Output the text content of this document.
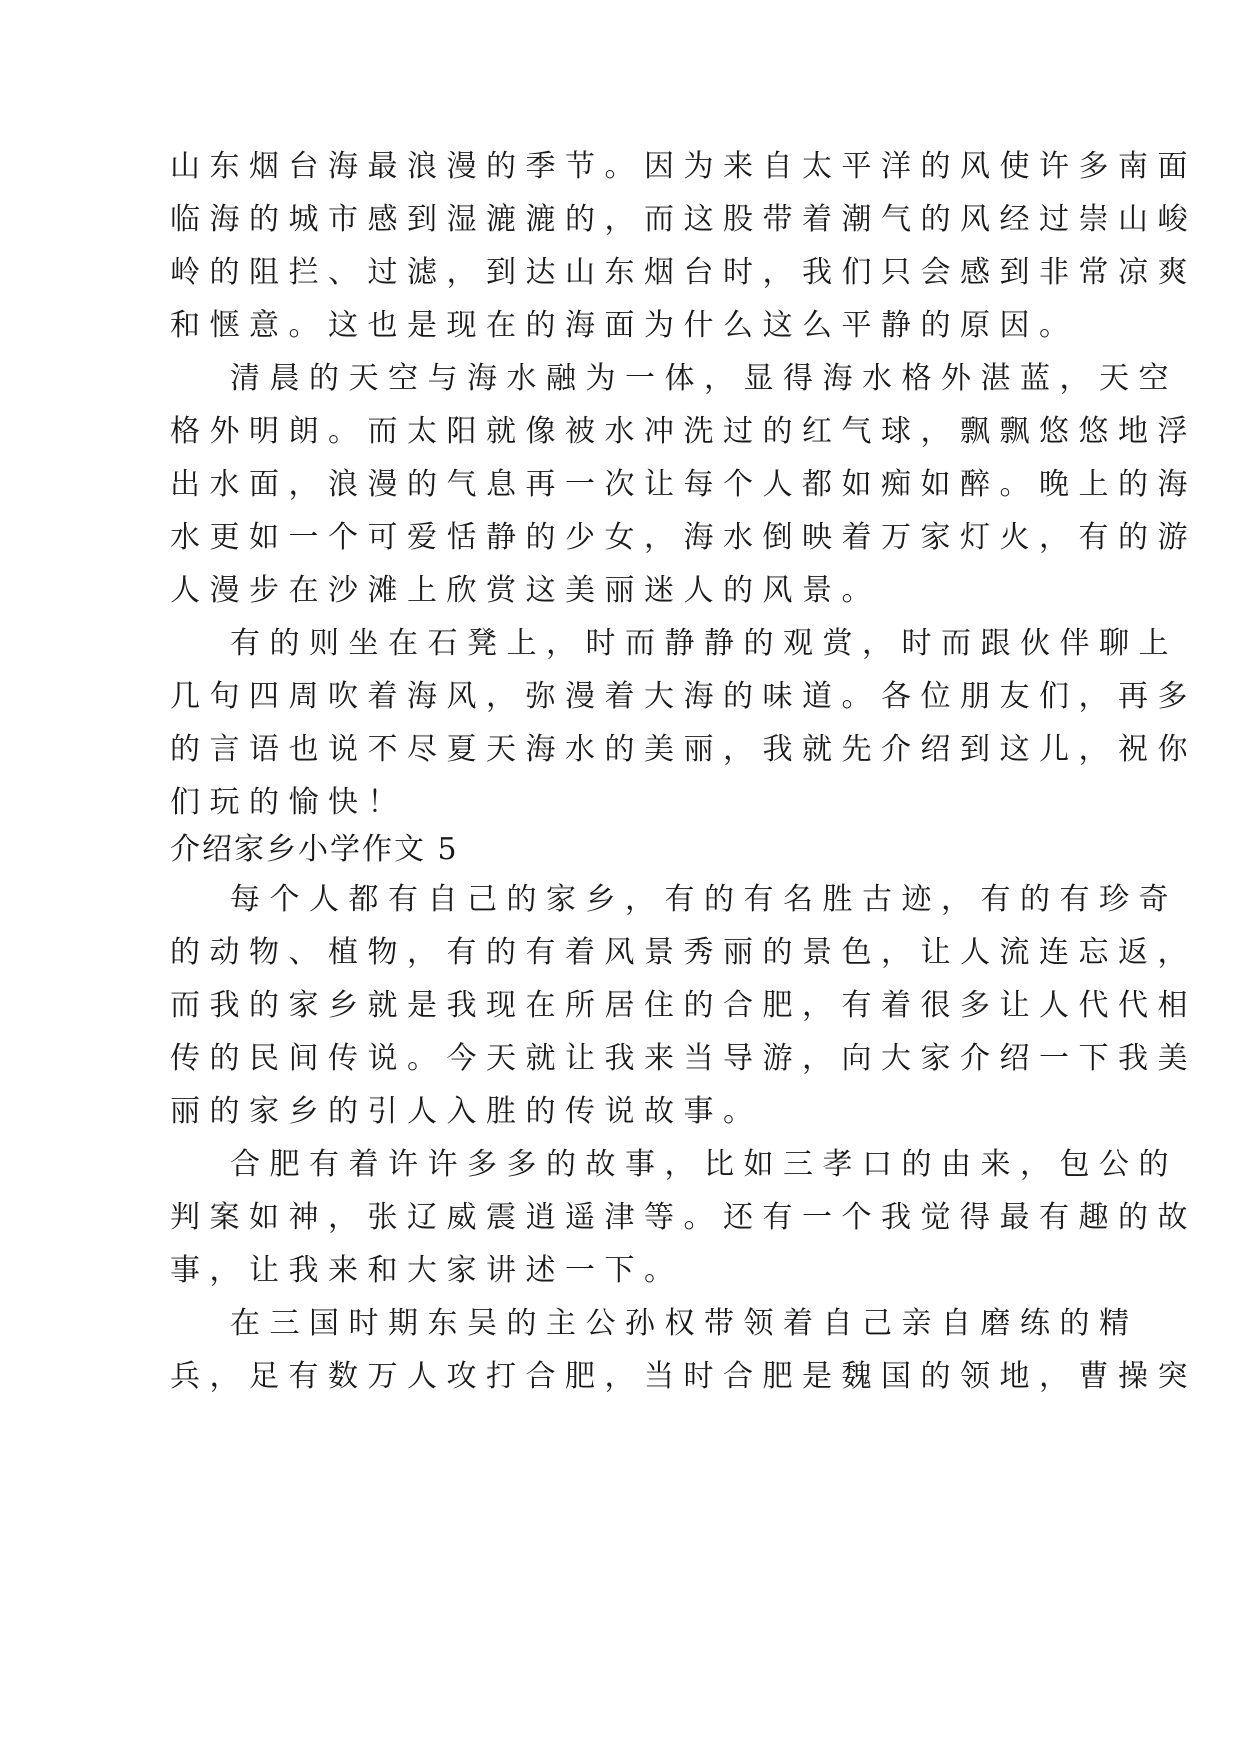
山东烟台海最浪漫的季节。因为来自太平洋的风使许多南面
临海的城市感到湿漉漉的，而这股带着潮气的风经过崇山峻
岭的阻拦、过滤，到达山东烟台时，我们只会感到非常凉爽
和惬意。这也是现在的海面为什么这么平静的原因。
清晨的天空与海水融为一体，显得海水格外湛蓝，天空
格外明朗。而太阳就像被水冲洗过的红气球，飘飘悠悠地浮
出水面，浪漫的气息再一次让每个人都如痴如醉。晚上的海
水更如一个可爱恬静的少女，海水倒映着万家灯火，有的游
人漫步在沙滩上欣赏这美丽迷人的风景。
有的则坐在石凳上，时而静静的观赏，时而跟伙伴聊上
几句四周吹着海风，弥漫着大海的味道。各位朋友们，再多
的言语也说不尽夏天海水的美丽，我就先介绍到这儿，祝你
们玩的愉快！
介绍家乡小学作文 5
每个人都有自己的家乡，有的有名胜古迹，有的有珍奇
的动物、植物，有的有着风景秀丽的景色，让人流连忘返，
而我的家乡就是我现在所居住的合肥，有着很多让人代代相
传的民间传说。今天就让我来当导游，向大家介绍一下我美
丽的家乡的引人入胜的传说故事。
合肥有着许许多多的故事，比如三孝口的由来，包公的
判案如神，张辽威震逍遥津等。还有一个我觉得最有趣的故
事，让我来和大家讲述一下。
在三国时期东吴的主公孙权带领着自己亲自磨练的精
兵，足有数万人攻打合肥，当时合肥是魏国的领地，曹操突
